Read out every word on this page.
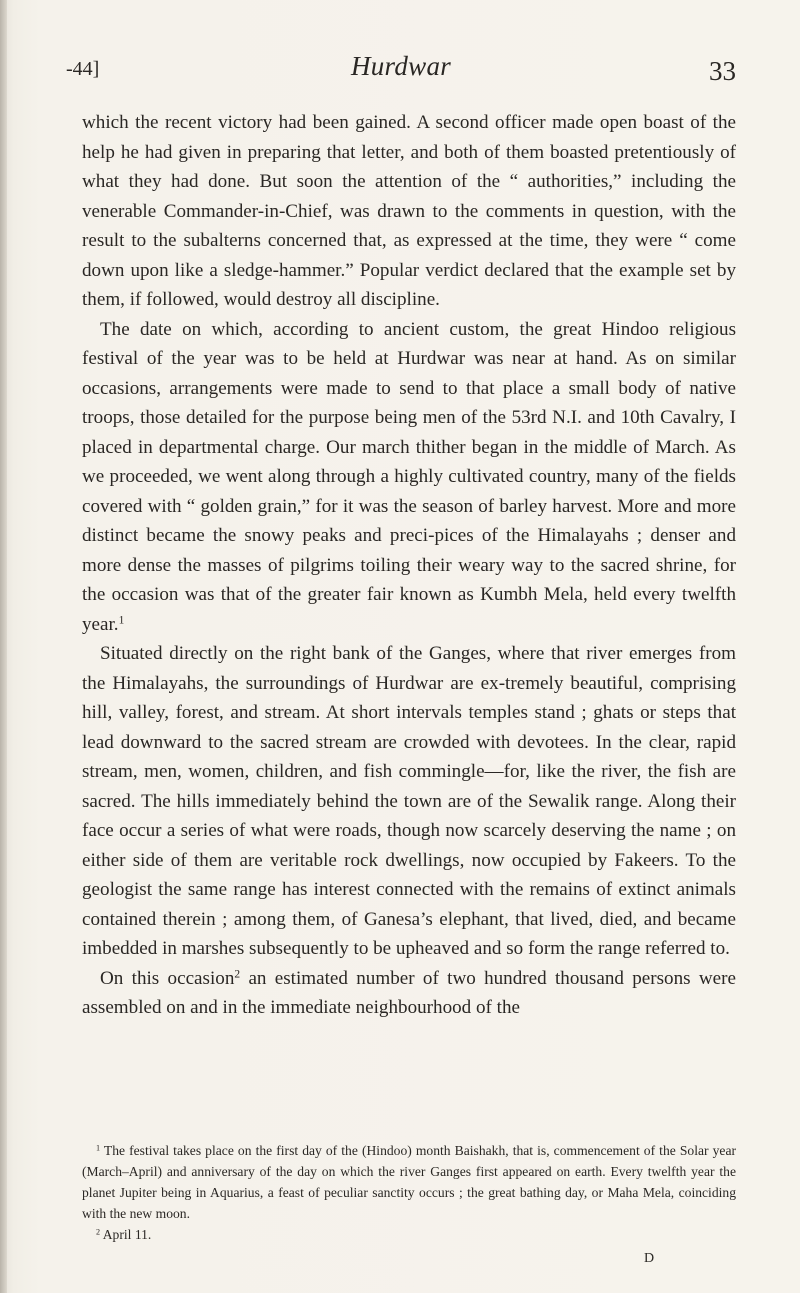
-44]	Hurdwar	33

which the recent victory had been gained. A second officer made open boast of the help he had given in preparing that letter, and both of them boasted pretentiously of what they had done. But soon the attention of the “ authorities,” including the venerable Commander-in-Chief, was drawn to the comments in question, with the result to the subalterns concerned that, as expressed at the time, they were “ come down upon like a sledge-hammer.” Popular verdict declared that the example set by them, if followed, would destroy all discipline.

The date on which, according to ancient custom, the great Hindoo religious festival of the year was to be held at Hurdwar was near at hand. As on similar occasions, arrangements were made to send to that place a small body of native troops, those detailed for the purpose being men of the 53rd N.I. and 10th Cavalry, I placed in departmental charge. Our march thither began in the middle of March. As we proceeded, we went along through a highly cultivated country, many of the fields covered with “ golden grain,” for it was the season of barley harvest. More and more distinct became the snowy peaks and preci-pices of the Himalayahs ; denser and more dense the masses of pilgrims toiling their weary way to the sacred shrine, for the occasion was that of the greater fair known as Kumbh Mela, held every twelfth year.$^1$

Situated directly on the right bank of the Ganges, where that river emerges from the Himalayahs, the surroundings of Hurdwar are ex-tremely beautiful, comprising hill, valley, forest, and stream. At short intervals temples stand ; ghats or steps that lead downward to the sacred stream are crowded with devotees. In the clear, rapid stream, men, women, children, and fish commingle—for, like the river, the fish are sacred. The hills immediately behind the town are of the Sewalik range. Along their face occur a series of what were roads, though now scarcely deserving the name ; on either side of them are veritable rock dwellings, now occupied by Fakeers. To the geologist the same range has interest connected with the remains of extinct animals contained therein ; among them, of Ganesa’s elephant, that lived, died, and became imbedded in marshes subsequently to be upheaved and so form the range referred to.

On this occasion$^2$ an estimated number of two hundred thousand persons were assembled on and in the immediate neighbourhood of the

$^1$ The festival takes place on the first day of the (Hindoo) month Baishakh, that is, commencement of the Solar year (March–April) and anniversary of the day on which the river Ganges first appeared on earth. Every twelfth year the planet Jupiter being in Aquarius, a feast of peculiar sanctity occurs ; the great bathing day, or Maha Mela, coinciding with the new moon.

$^2$ April 11.

D
